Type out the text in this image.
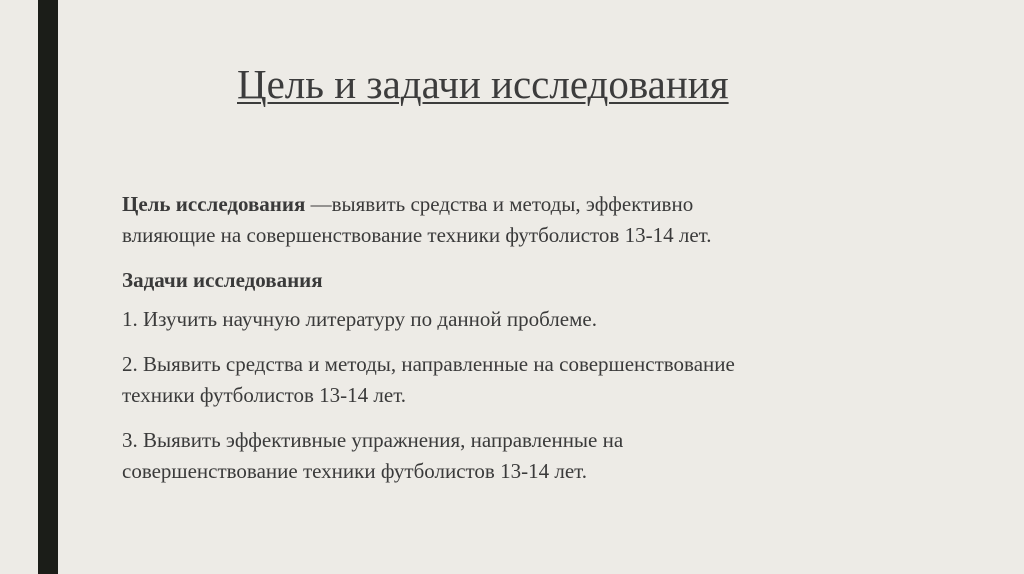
Цель и задачи исследования

Цель исследования —выявить средства и методы, эффективно
влияющие на совершенствование техники футболистов 13-14 лет.

Задачи исследования

1. Изучить научную литературу по данной проблеме.

2. Выявить средства и методы, направленные на совершенствование
техники футболистов 13-14 лет.

3. Выявить эффективные упражнения, направленные на
совершенствование техники футболистов 13-14 лет.
